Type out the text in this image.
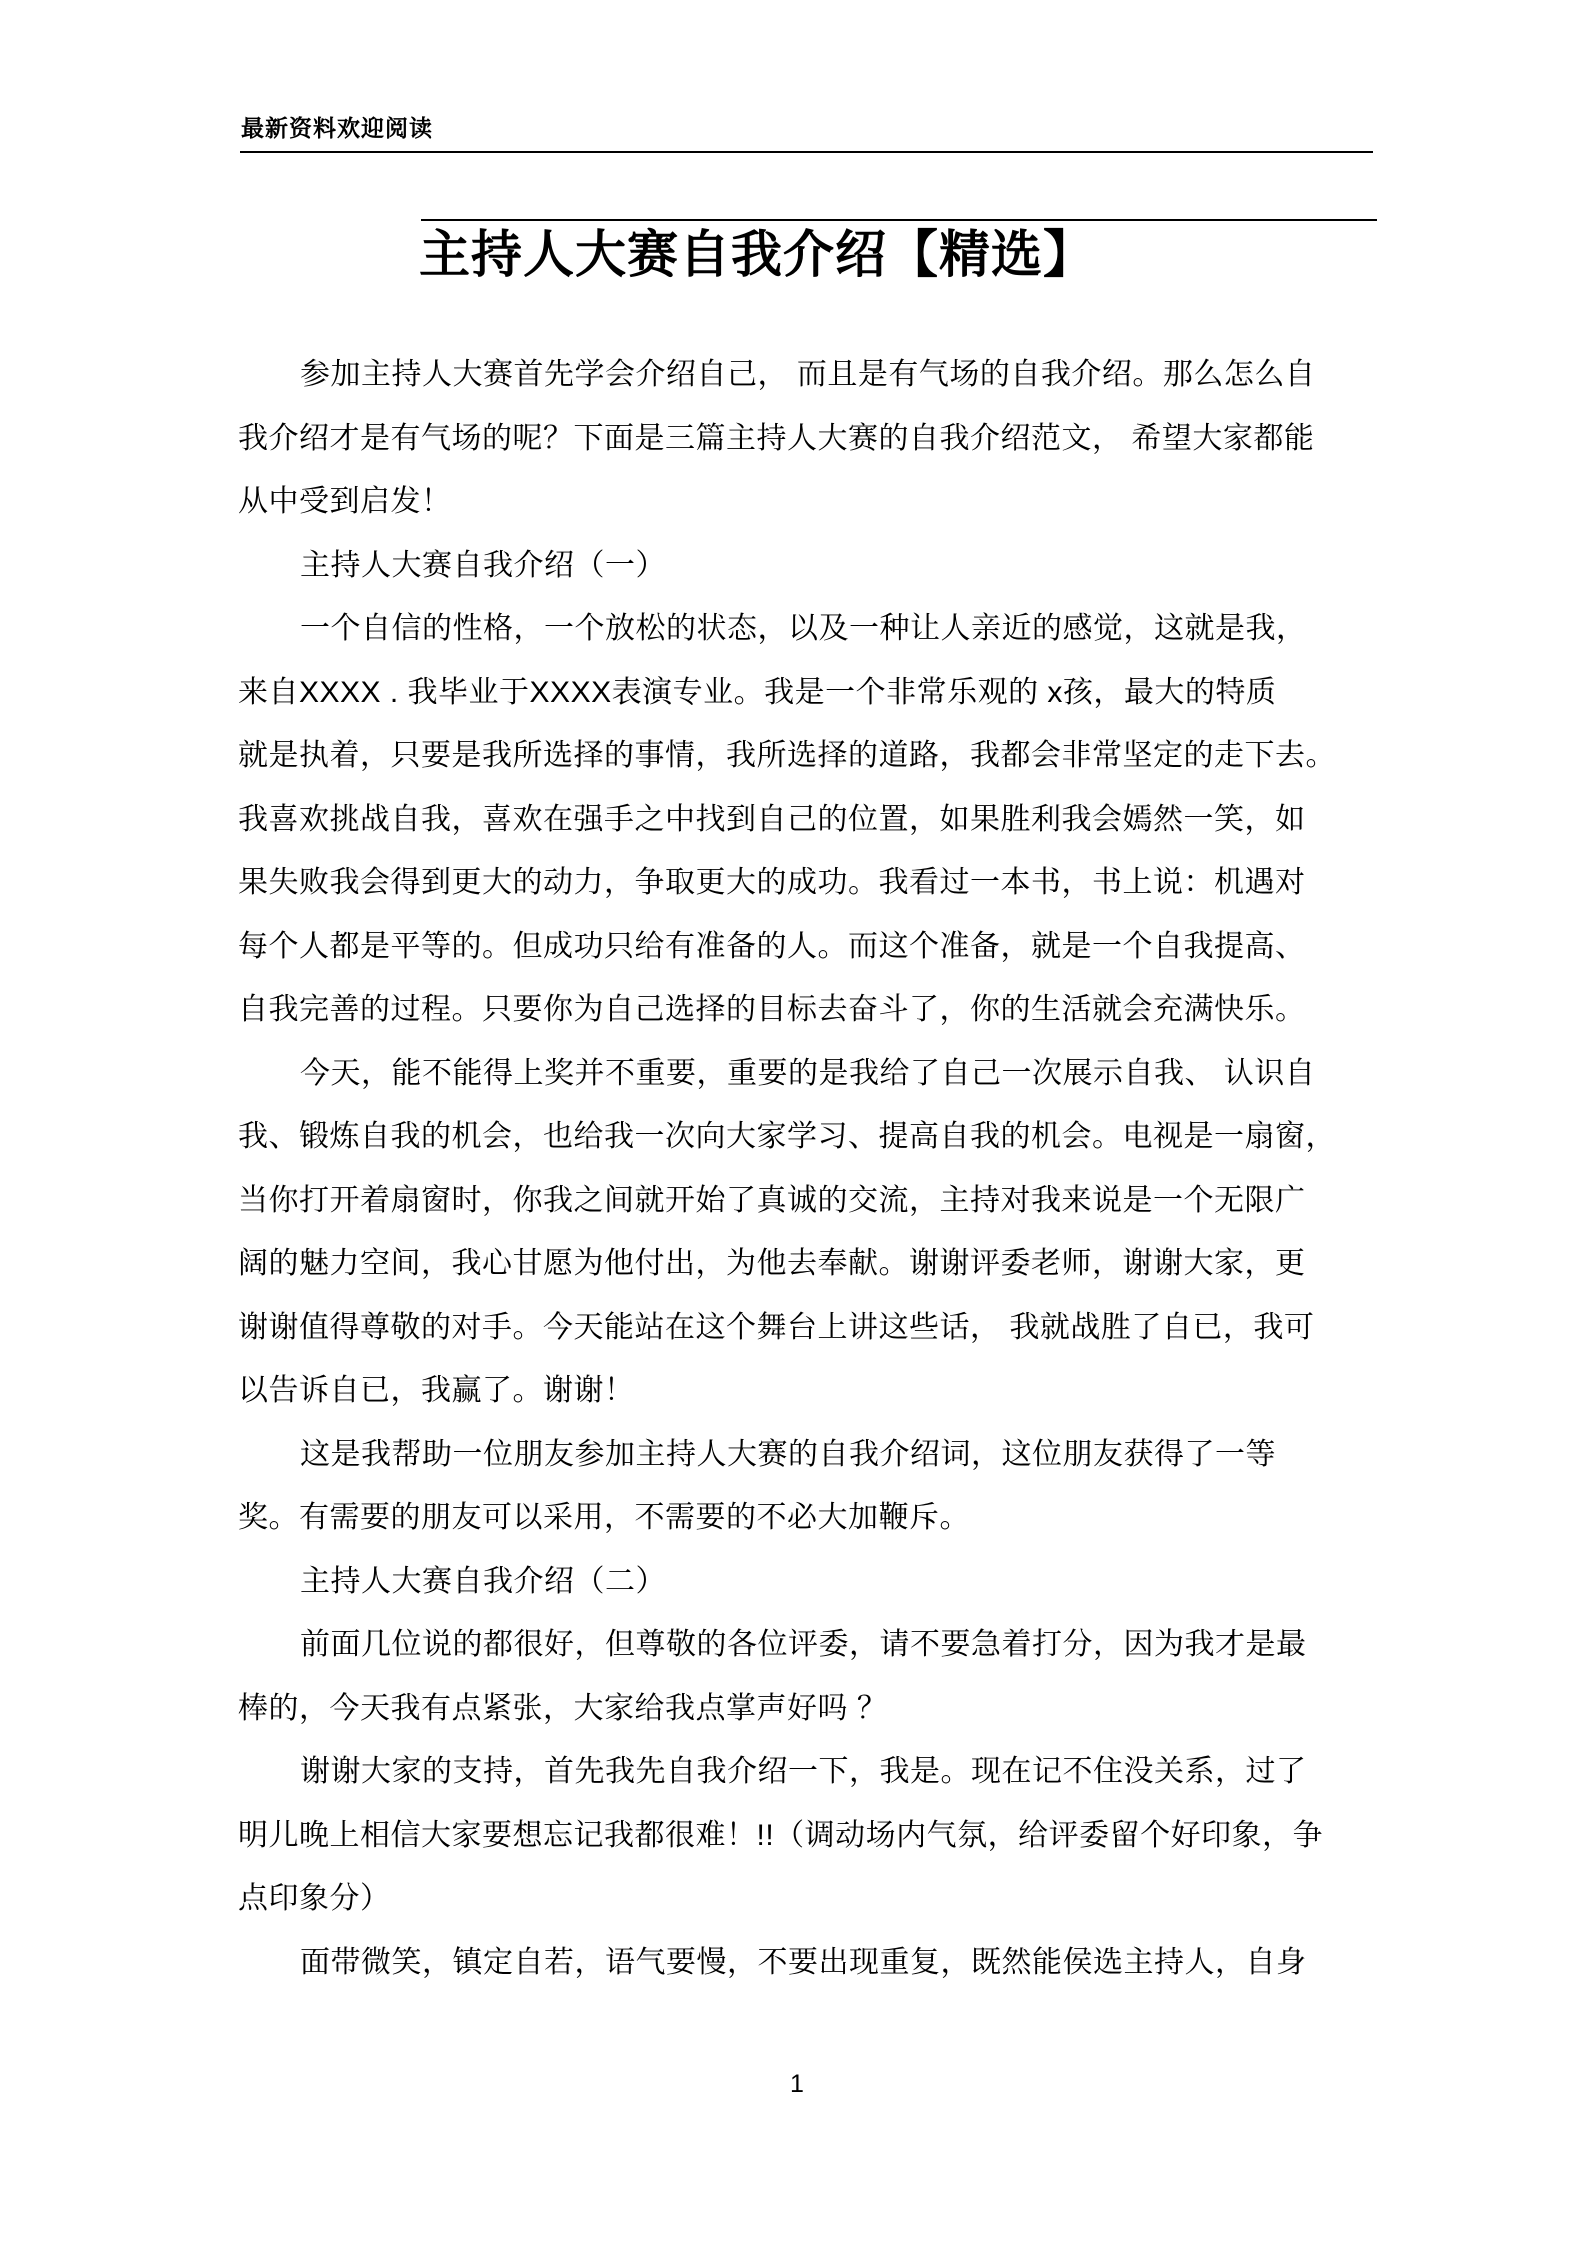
最新资料欢迎阅读
主持人大赛自我介绍【精选】
参加主持人大赛首先学会介绍自己， 而且是有气场的自我介绍。那么怎么自
我介绍才是有气场的呢？下面是三篇主持人大赛的自我介绍范文， 希望大家都能
从中受到启发！
主持人大赛自我介绍（一）
一个自信的性格，一个放松的状态，以及一种让人亲近的感觉，这就是我，
来自XXXX . 我毕业于XXXX表演专业。我是一个非常乐观的 x孩，最大的特质
就是执着，只要是我所选择的事情，我所选择的道路，我都会非常坚定的走下去。
我喜欢挑战自我，喜欢在强手之中找到自己的位置，如果胜利我会嫣然一笑，如
果失败我会得到更大的动力，争取更大的成功。我看过一本书，书上说：机遇对
每个人都是平等的。但成功只给有准备的人。而这个准备，就是一个自我提高、
自我完善的过程。只要你为自己选择的目标去奋斗了，你的生活就会充满快乐。
今天，能不能得上奖并不重要，重要的是我给了自己一次展示自我、 认识自
我、锻炼自我的机会，也给我一次向大家学习、提高自我的机会。电视是一扇窗，
当你打开着扇窗时，你我之间就开始了真诚的交流，主持对我来说是一个无限广
阔的魅力空间，我心甘愿为他付出，为他去奉献。谢谢评委老师，谢谢大家，更
谢谢值得尊敬的对手。今天能站在这个舞台上讲这些话， 我就战胜了自已，我可
以告诉自已，我赢了。谢谢！
这是我帮助一位朋友参加主持人大赛的自我介绍词，这位朋友获得了一等
奖。有需要的朋友可以采用，不需要的不必大加鞭斥。
主持人大赛自我介绍（二）
前面几位说的都很好，但尊敬的各位评委，请不要急着打分，因为我才是最
棒的，今天我有点紧张，大家给我点掌声好吗 ？
谢谢大家的支持，首先我先自我介绍一下，我是。现在记不住没关系，过了
明儿晚上相信大家要想忘记我都很难！!!（调动场内气氛，给评委留个好印象，争
点印象分）
面带微笑，镇定自若，语气要慢，不要出现重复，既然能侯选主持人，自身
1
